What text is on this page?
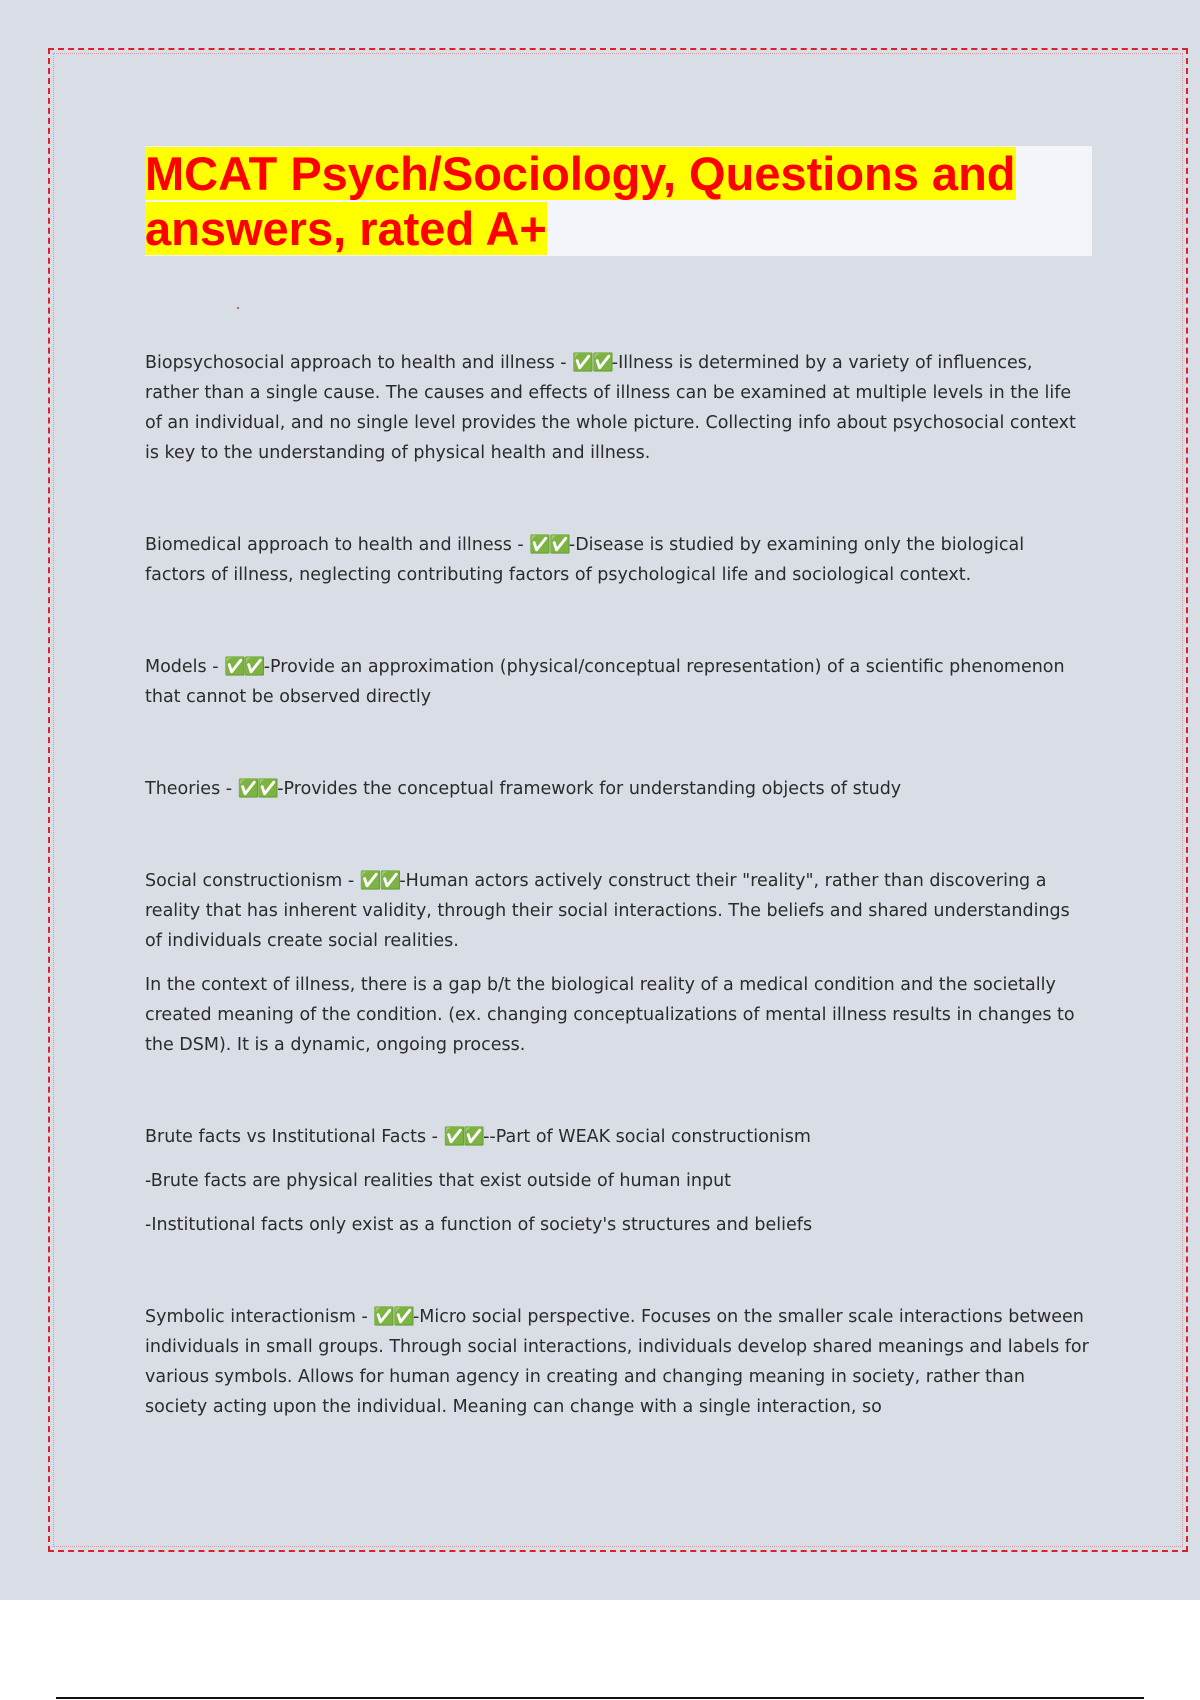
MCAT Psych/Sociology, Questions and
answers, rated A+

Biopsychosocial approach to health and illness - ✅✅-Illness is determined by a variety of influences, rather than a single cause. The causes and effects of illness can be examined at multiple levels in the life of an individual, and no single level provides the whole picture. Collecting info about psychosocial context is key to the understanding of physical health and illness.

Biomedical approach to health and illness - ✅✅-Disease is studied by examining only the biological factors of illness, neglecting contributing factors of psychological life and sociological context.

Models - ✅✅-Provide an approximation (physical/conceptual representation) of a scientific phenomenon that cannot be observed directly

Theories - ✅✅-Provides the conceptual framework for understanding objects of study

Social constructionism - ✅✅-Human actors actively construct their "reality", rather than discovering a reality that has inherent validity, through their social interactions. The beliefs and shared understandings of individuals create social realities.

In the context of illness, there is a gap b/t the biological reality of a medical condition and the societally created meaning of the condition. (ex. changing conceptualizations of mental illness results in changes to the DSM). It is a dynamic, ongoing process.

Brute facts vs Institutional Facts - ✅✅--Part of WEAK social constructionism

-Brute facts are physical realities that exist outside of human input

-Institutional facts only exist as a function of society's structures and beliefs

Symbolic interactionism - ✅✅-Micro social perspective. Focuses on the smaller scale interactions between individuals in small groups. Through social interactions, individuals develop shared meanings and labels for various symbols. Allows for human agency in creating and changing meaning in society, rather than society acting upon the individual. Meaning can change with a single interaction, so
